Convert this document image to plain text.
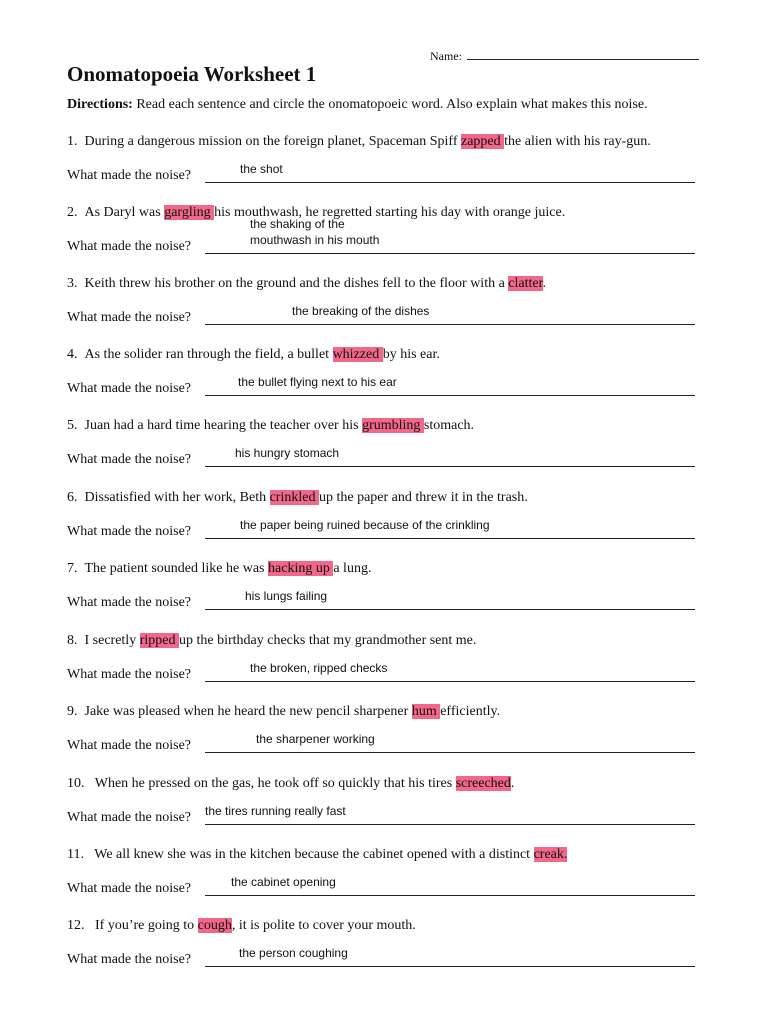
Name:
Onomatopoeia Worksheet 1
Directions: Read each sentence and circle the onomatopoeic word. Also explain what makes this noise.
1. During a dangerous mission on the foreign planet, Spaceman Spiff zapped the alien with his ray-gun.
What made the noise?	the shot
2. As Daryl was gargling his mouthwash, he regretted starting his day with orange juice.
What made the noise?
the shaking of the
mouthwash in his mouth
3. Keith threw his brother on the ground and the dishes fell to the floor with a clatter.
What made the noise?	the breaking of the dishes
4. As the solider ran through the field, a bullet whizzed by his ear.
What made the noise?	the bullet flying next to his ear
5. Juan had a hard time hearing the teacher over his grumbling stomach.
What made the noise?	his hungry stomach
6. Dissatisfied with her work, Beth crinkled up the paper and threw it in the trash.
What made the noise?	the paper being ruined because of the crinkling
7. The patient sounded like he was hacking up a lung.
What made the noise?	his lungs failing
8. I secretly ripped up the birthday checks that my grandmother sent me.
What made the noise?	the broken, ripped checks
9. Jake was pleased when he heard the new pencil sharpener hum efficiently.
What made the noise?	the sharpener working
10.   When he pressed on the gas, he took off so quickly that his tires screeched.
What made the noise? the tires running really fast
11.   We all knew she was in the kitchen because the cabinet opened with a distinct creak.
What made the noise?	the cabinet opening
12.   If you’re going to cough, it is polite to cover your mouth.
What made the noise?	the person coughing
